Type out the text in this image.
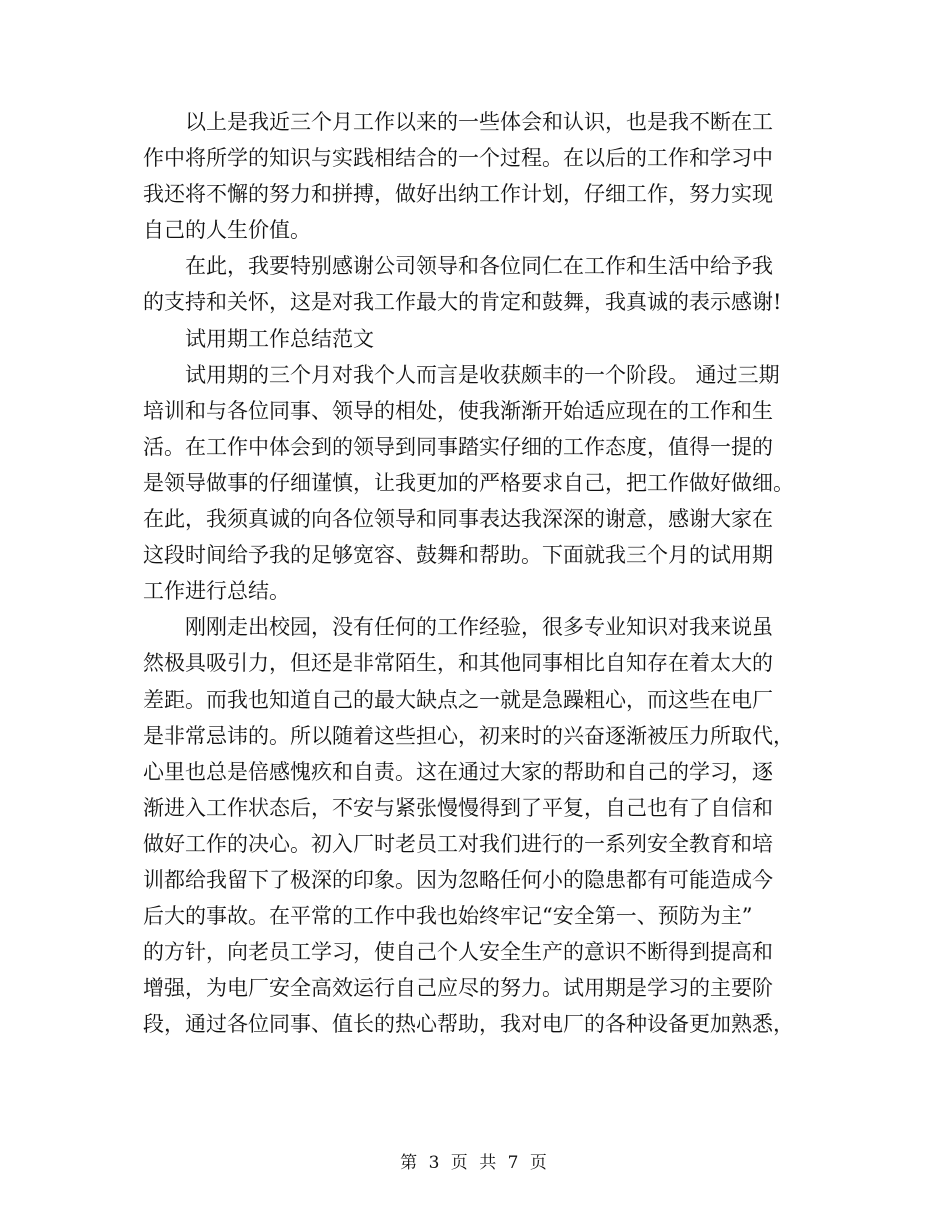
以上是我近三个月工作以来的一些体会和认识，也是我不断在工
作中将所学的知识与实践相结合的一个过程。在以后的工作和学习中
我还将不懈的努力和拼搏，做好出纳工作计划，仔细工作，努力实现
自己的人生价值。
在此，我要特别感谢公司领导和各位同仁在工作和生活中给予我
的支持和关怀，这是对我工作最大的肯定和鼓舞，我真诚的表示感谢!
试用期工作总结范文
试用期的三个月对我个人而言是收获颇丰的一个阶段。 通过三期
培训和与各位同事、领导的相处，使我渐渐开始适应现在的工作和生
活。在工作中体会到的领导到同事踏实仔细的工作态度，值得一提的
是领导做事的仔细谨慎，让我更加的严格要求自己，把工作做好做细。
在此，我须真诚的向各位领导和同事表达我深深的谢意，感谢大家在
这段时间给予我的足够宽容、鼓舞和帮助。下面就我三个月的试用期
工作进行总结。
刚刚走出校园，没有任何的工作经验，很多专业知识对我来说虽
然极具吸引力，但还是非常陌生，和其他同事相比自知存在着太大的
差距。而我也知道自己的最大缺点之一就是急躁粗心，而这些在电厂
是非常忌讳的。所以随着这些担心，初来时的兴奋逐渐被压力所取代，
心里也总是倍感愧疚和自责。这在通过大家的帮助和自己的学习，逐
渐进入工作状态后，不安与紧张慢慢得到了平复，自己也有了自信和
做好工作的决心。初入厂时老员工对我们进行的一系列安全教育和培
训都给我留下了极深的印象。因为忽略任何小的隐患都有可能造成今
后大的事故。在平常的工作中我也始终牢记“安全第一、预防为主”
的方针，向老员工学习，使自己个人安全生产的意识不断得到提高和
增强，为电厂安全高效运行自己应尽的努力。试用期是学习的主要阶
段，通过各位同事、值长的热心帮助，我对电厂的各种设备更加熟悉，
第 3 页 共 7 页
